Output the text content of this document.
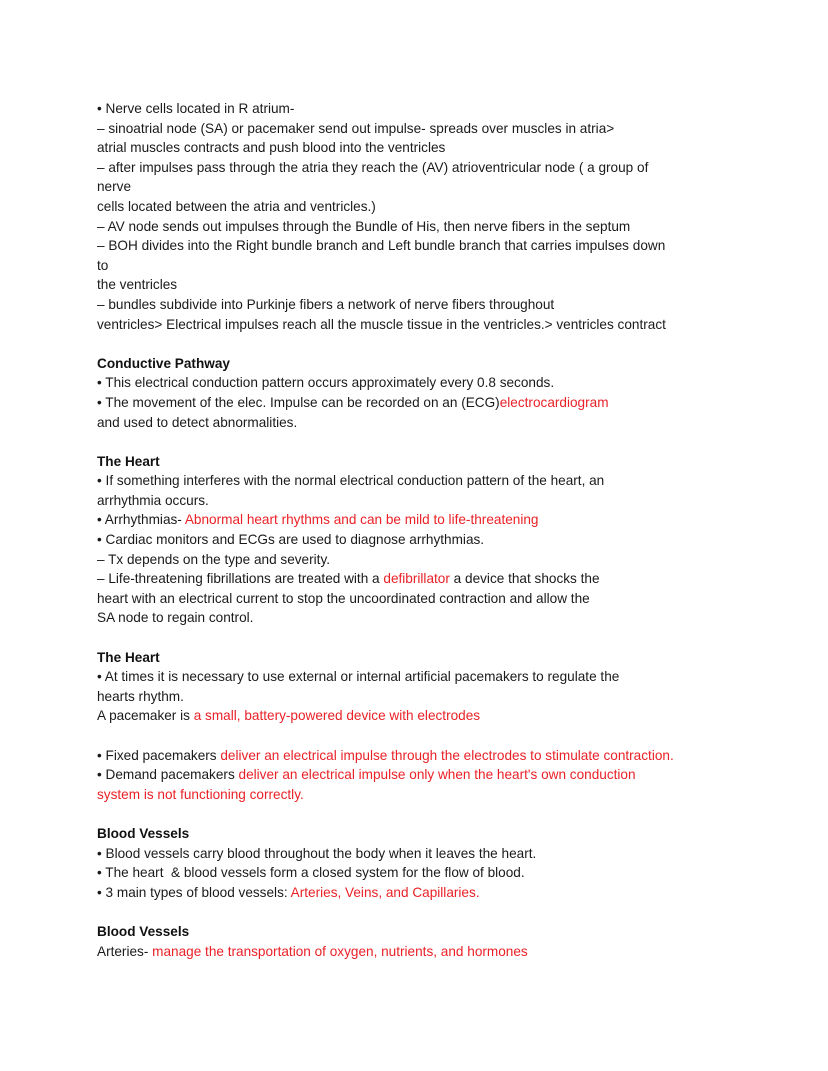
• Nerve cells located in R atrium-
– sinoatrial node (SA) or pacemaker send out impulse- spreads over muscles in atria>
atrial muscles contracts and push blood into the ventricles
– after impulses pass through the atria they reach the (AV) atrioventricular node ( a group of
nerve
cells located between the atria and ventricles.)
– AV node sends out impulses through the Bundle of His, then nerve fibers in the septum
– BOH divides into the Right bundle branch and Left bundle branch that carries impulses down
to
the ventricles
– bundles subdivide into Purkinje fibers a network of nerve fibers throughout
ventricles> Electrical impulses reach all the muscle tissue in the ventricles.> ventricles contract
Conductive Pathway
• This electrical conduction pattern occurs approximately every 0.8 seconds.
• The movement of the elec. Impulse can be recorded on an (ECG)electrocardiogram
and used to detect abnormalities.
The Heart
• If something interferes with the normal electrical conduction pattern of the heart, an
arrhythmia occurs.
• Arrhythmias- Abnormal heart rhythms and can be mild to life-threatening
• Cardiac monitors and ECGs are used to diagnose arrhythmias.
– Tx depends on the type and severity.
– Life-threatening fibrillations are treated with a defibrillator a device that shocks the
heart with an electrical current to stop the uncoordinated contraction and allow the
SA node to regain control.
The Heart
• At times it is necessary to use external or internal artificial pacemakers to regulate the
hearts rhythm.
A pacemaker is a small, battery-powered device with electrodes

• Fixed pacemakers deliver an electrical impulse through the electrodes to stimulate contraction.
• Demand pacemakers deliver an electrical impulse only when the heart's own conduction
system is not functioning correctly.
Blood Vessels
• Blood vessels carry blood throughout the body when it leaves the heart.
• The heart  & blood vessels form a closed system for the flow of blood.
• 3 main types of blood vessels: Arteries, Veins, and Capillaries.
Blood Vessels
Arteries- manage the transportation of oxygen, nutrients, and hormones
